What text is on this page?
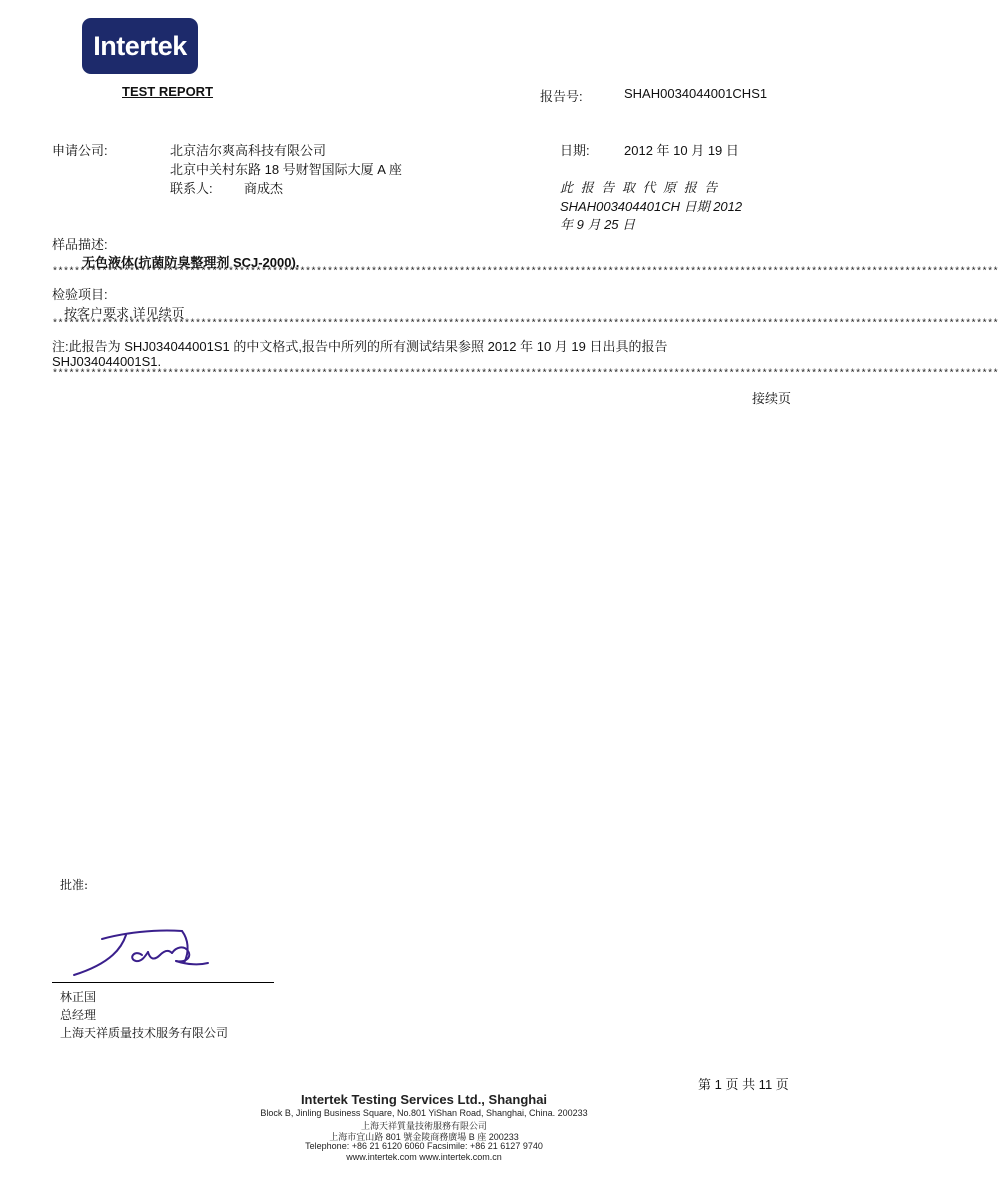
Intertek
TEST REPORT	报告号:	SHAH0034044001CHS1
申请公司:	北京洁尔爽高科技有限公司
北京中关村东路 18 号财智国际大厦 A 座
联系人: 商成杰
日期:	2012 年 10 月 19 日
此 报 告 取 代 原 报 告
SHAH003404401CH 日期 2012
年 9 月 25 日
样品描述:
无色液体(抗菌防臭整理剂 SCJ-2000).
****************************************************************************************************************************************************************************
检验项目:
按客户要求,详见续页
****************************************************************************************************************************************************************************
注:此报告为 SHJ034044001S1 的中文格式,报告中所列的所有测试结果参照 2012 年 10 月 19 日出具的报告
SHJ034044001S1.
****************************************************************************************************************************************************************************
接续页
批准:
林正国
总经理
上海天祥质量技术服务有限公司
第 1 页 共 11 页
Intertek Testing Services Ltd., Shanghai
Block B, Jinling Business Square, No.801 YiShan Road, Shanghai, China. 200233
上海天祥質量技術服務有限公司
上海市宜山路 801 號金陵商務廣場 B 座 200233
Telephone: +86 21 6120 6060 Facsimile: +86 21 6127 9740
www.intertek.com www.intertek.com.cn
